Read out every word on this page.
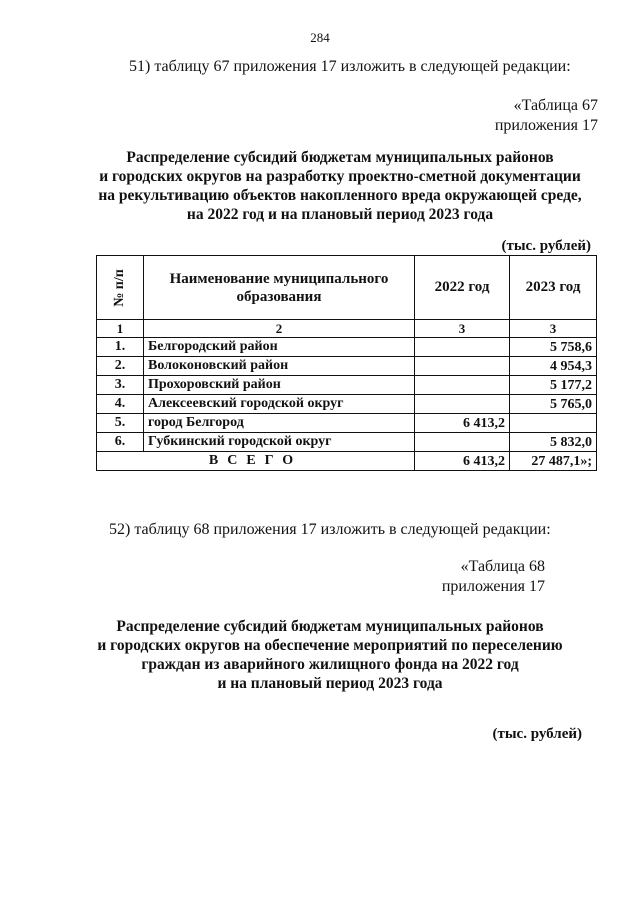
284
51) таблицу 67 приложения 17 изложить в следующей редакции:
«Таблица 67
приложения 17
Распределение субсидий бюджетам муниципальных районов
и городских округов на разработку проектно-сметной документации
на рекультивацию объектов накопленного вреда окружающей среде,
на 2022 год и на плановый период 2023 года
(тыс. рублей)
№ п/п	Наименование муниципального образования	2022 год	2023 год
1	2	3	3
1.	Белгородский район		5 758,6
2.	Волоконовский район		4 954,3
3.	Прохоровский район		5 177,2
4.	Алексеевский городской округ		5 765,0
5.	город Белгород	6 413,2	
6.	Губкинский городской округ		5 832,0
ВСЕГО		6 413,2	27 487,1»;
52) таблицу 68 приложения 17 изложить в следующей редакции:
«Таблица 68
приложения 17
Распределение субсидий бюджетам муниципальных районов
и городских округов на обеспечение мероприятий по переселению
граждан из аварийного жилищного фонда на 2022 год
и на плановый период 2023 года
(тыс. рублей)
